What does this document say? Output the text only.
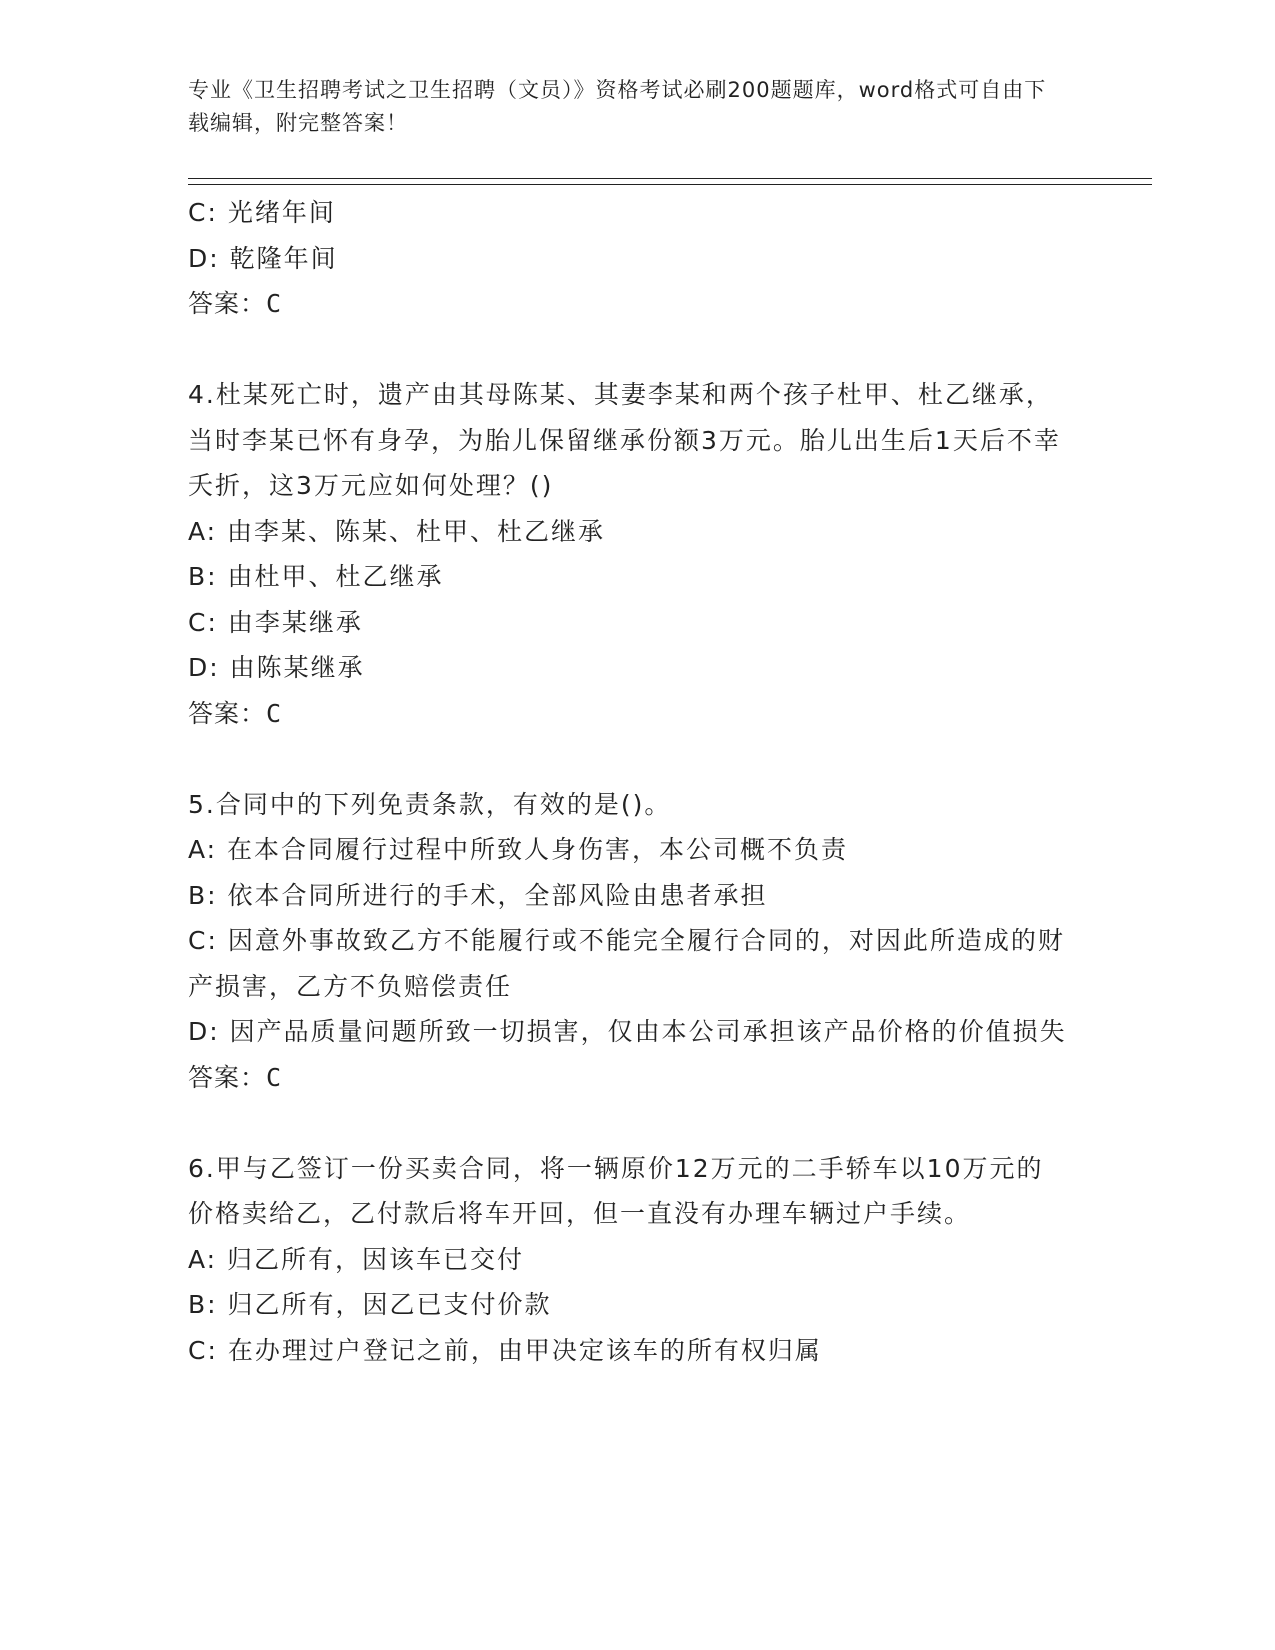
专业《卫生招聘考试之卫生招聘（文员）》资格考试必刷200题题库，word格式可自由下载编辑，附完整答案！
C: 光绪年间
D: 乾隆年间
答案：C
4.杜某死亡时，遗产由其母陈某、其妻李某和两个孩子杜甲、杜乙继承，当时李某已怀有身孕，为胎儿保留继承份额3万元。胎儿出生后1天后不幸夭折，这3万元应如何处理？()
A: 由李某、陈某、杜甲、杜乙继承
B: 由杜甲、杜乙继承
C: 由李某继承
D: 由陈某继承
答案：C
5.合同中的下列免责条款，有效的是()。
A: 在本合同履行过程中所致人身伤害，本公司概不负责
B: 依本合同所进行的手术，全部风险由患者承担
C: 因意外事故致乙方不能履行或不能完全履行合同的，对因此所造成的财产损害，乙方不负赔偿责任
D: 因产品质量问题所致一切损害，仅由本公司承担该产品价格的价值损失
答案：C
6.甲与乙签订一份买卖合同，将一辆原价12万元的二手轿车以10万元的价格卖给乙，乙付款后将车开回，但一直没有办理车辆过户手续。
A: 归乙所有，因该车已交付
B: 归乙所有，因乙已支付价款
C: 在办理过户登记之前，由甲决定该车的所有权归属
